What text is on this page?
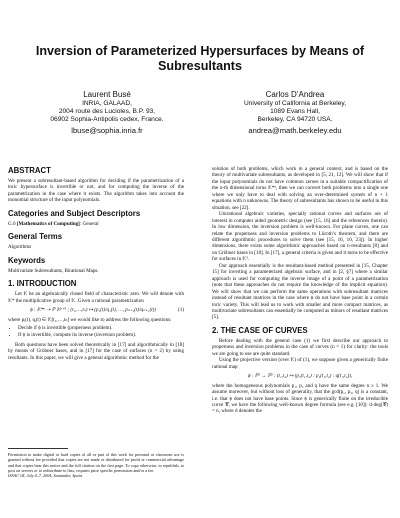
Inversion of Parameterized Hypersurfaces by Means of Subresultants
Laurent Busé
INRIA, GALAAD,
2004 route des Lucioles, B.P. 93,
06902 Sophia-Antipolis cedex, France.
lbuse@sophia.inria.fr
Carlos D’Andrea
University of California at Berkeley,
1089 Evans Hall,
Berkeley, CA 94720 USA.
andrea@math.berkeley.edu
ABSTRACT

We present a subresultant-based algorithm for deciding if the parametrization of a toric hypersurface is invertible or not, and for computing the inverse of the parametrization in the case where it exists. The algorithm takes into account the monomial structure of the input polynomials.

Categories and Subject Descriptors

G.0 [Mathematics of Computing]: General

General Terms

Algorithms

Keywords

Multivariate Subresultants, Birational Maps.

1. INTRODUCTION

Let 𝕂 be an algebraically closed field of characteristic zero. We will denote with 𝕂* the multiplicative group of 𝕂. Given a rational parametrization

ϕ : 𝕂*ⁿ ⇢ ℙ 𝕂ⁿ⁺¹ ; (t₁,…,tₙ) ↦ (p₁(t)/q₁(t), …, pₙ₊₁(t)/qₙ₊₁(t))	(1)

where pᵢ(t), qᵢ(t) ∈ 𝕂[t₁,…,tₙ] we would like to address the following questions:

• Decide if ϕ is invertible (properness problem).
• If ϕ is invertible, compute its inverse (inversion problem).

Both questions have been solved theoretically in [17] and algorithmically in [18] by means of Gröbner bases, and in [17] for the case of surfaces (n = 2) by using resultants. In this paper, we will give a general algorithmic method for the

Permission to make digital or hard copies of all or part of this work for personal or classroom use is granted without fee provided that copies are not made or distributed for profit or commercial advantage and that copies bear this notice and the full citation on the first page. To copy otherwise, to republish, to post on servers or to redistribute to lists, requires prior specific permission and/or a fee.

ISSAC’04, July 4–7, 2004, Santander, Spain.

solution of both problems, which work in a general context, and is based on the theory of multivariate subresultants, as developed in [5, 21, 12]. We will show that if the input polynomials do not have common zeroes in a suitable compactification of the n-th dimensional torus 𝕂*ⁿ, then we can convert both problems into a single one where we only have to deal with solving an over-determined system of n + 1 equations with n unknowns. The theory of subresultants has shown to be useful in this situation, see [22].

Unirational algebraic varieties, specially rational curves and surfaces are of interest in computer aided geometric design (see [15, 16] and the references therein). In low dimension, the inversion problem is well-known. For plane curves, one can relate the properness and inversion problems to Lüroth’s theorem, and there are different algorithmic procedures to solve them (see [15, 16, 10, 23]). In higher dimensions, there exists some algorithmic approaches based on n-resultants [8] and on Gröbner bases in [18]. In [17], a general criteria is given and it turns to be effective for surfaces in 𝕂³.

Our approach essentially is the resultant-based method presented in [15, Chapter 15] for inverting a parameterized algebraic surface, and in [2, §7] where a similar approach is used for computing the inverse image of a point of a parametrization (note that these approaches do not require the knowledge of the implicit equation). We will show that we can perform the same operations with subresultant matrices instead of resultant matrices in the case where ϕ do not have base point in a certain toric variety. This will lead us to work with smaller and more compact matrices, as multivariate subresultants can essentially be computed as minors of resultant matrices [5].

2. THE CASE OF CURVES

Before dealing with the general case (1) we first describe our approach to properness and inversion problems in the case of curves (n = 1) for clarity: the tools we are going to use are quite standard.

Using the projective version (over 𝕂) of (1), we suppose given a generically finite rational map

ϕ : ℙ¹ → ℙ² : (t₁,t₂) ↦ (p₁(t₁,t₂) : p₂(t₁,t₂) : q(t₁,t₂)),

where the homogeneous polynomials p₁, p₂ and q have the same degree n ≥ 1. We assume moreover, but without loss of generality, that the gcd(p₁, p₂, q) is a constant, i.e. that ϕ does not have base points. Since ϕ is generically finite on the irreducible curve 𝒞, we have the following well-known degree formula (see e.g. [10]): d·deg(𝒞) = n, where d denotes the
